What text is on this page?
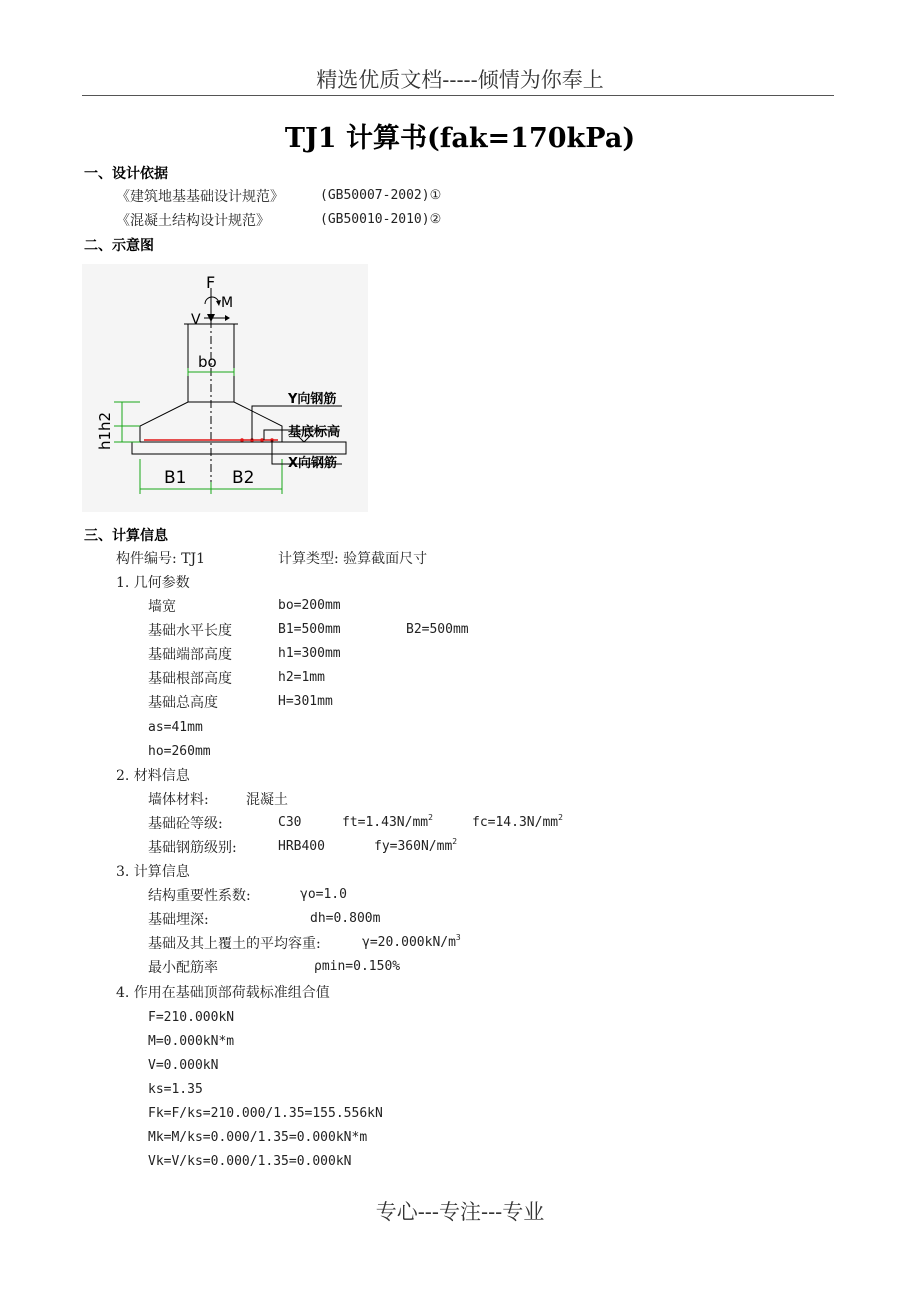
精选优质文档-----倾情为你奉上
TJ1 计算书(fak=170kPa)
一、设计依据
《建筑地基基础设计规范》	(GB50007-2002)①
《混凝土结构设计规范》	(GB50010-2010)②
二、示意图
F
M
V
bo
h1h2
B1	B2
Y向钢筋
基底标高
X向钢筋
三、计算信息
构件编号: TJ1	计算类型: 验算截面尺寸
1. 几何参数
墙宽	bo=200mm
基础水平长度	B1=500mm	B2=500mm
基础端部高度	h1=300mm
基础根部高度	h2=1mm
基础总高度	H=301mm
as=41mm
ho=260mm
2. 材料信息
墙体材料:	混凝土
基础砼等级:	C30	$ft=1.43N/mm^2$	$fc=14.3N/mm^2$
基础钢筋级别:	HRB400	$fy=360N/mm^2$
3. 计算信息
结构重要性系数:	γo=1.0
基础埋深:	dh=0.800m
基础及其上覆土的平均容重:	$\gamma=20.000kN/m^3$
最小配筋率	ρmin=0.150%
4. 作用在基础顶部荷载标准组合值
F=210.000kN
M=0.000kN*m
V=0.000kN
ks=1.35
Fk=F/ks=210.000/1.35=155.556kN
Mk=M/ks=0.000/1.35=0.000kN*m
Vk=V/ks=0.000/1.35=0.000kN
专心---专注---专业
